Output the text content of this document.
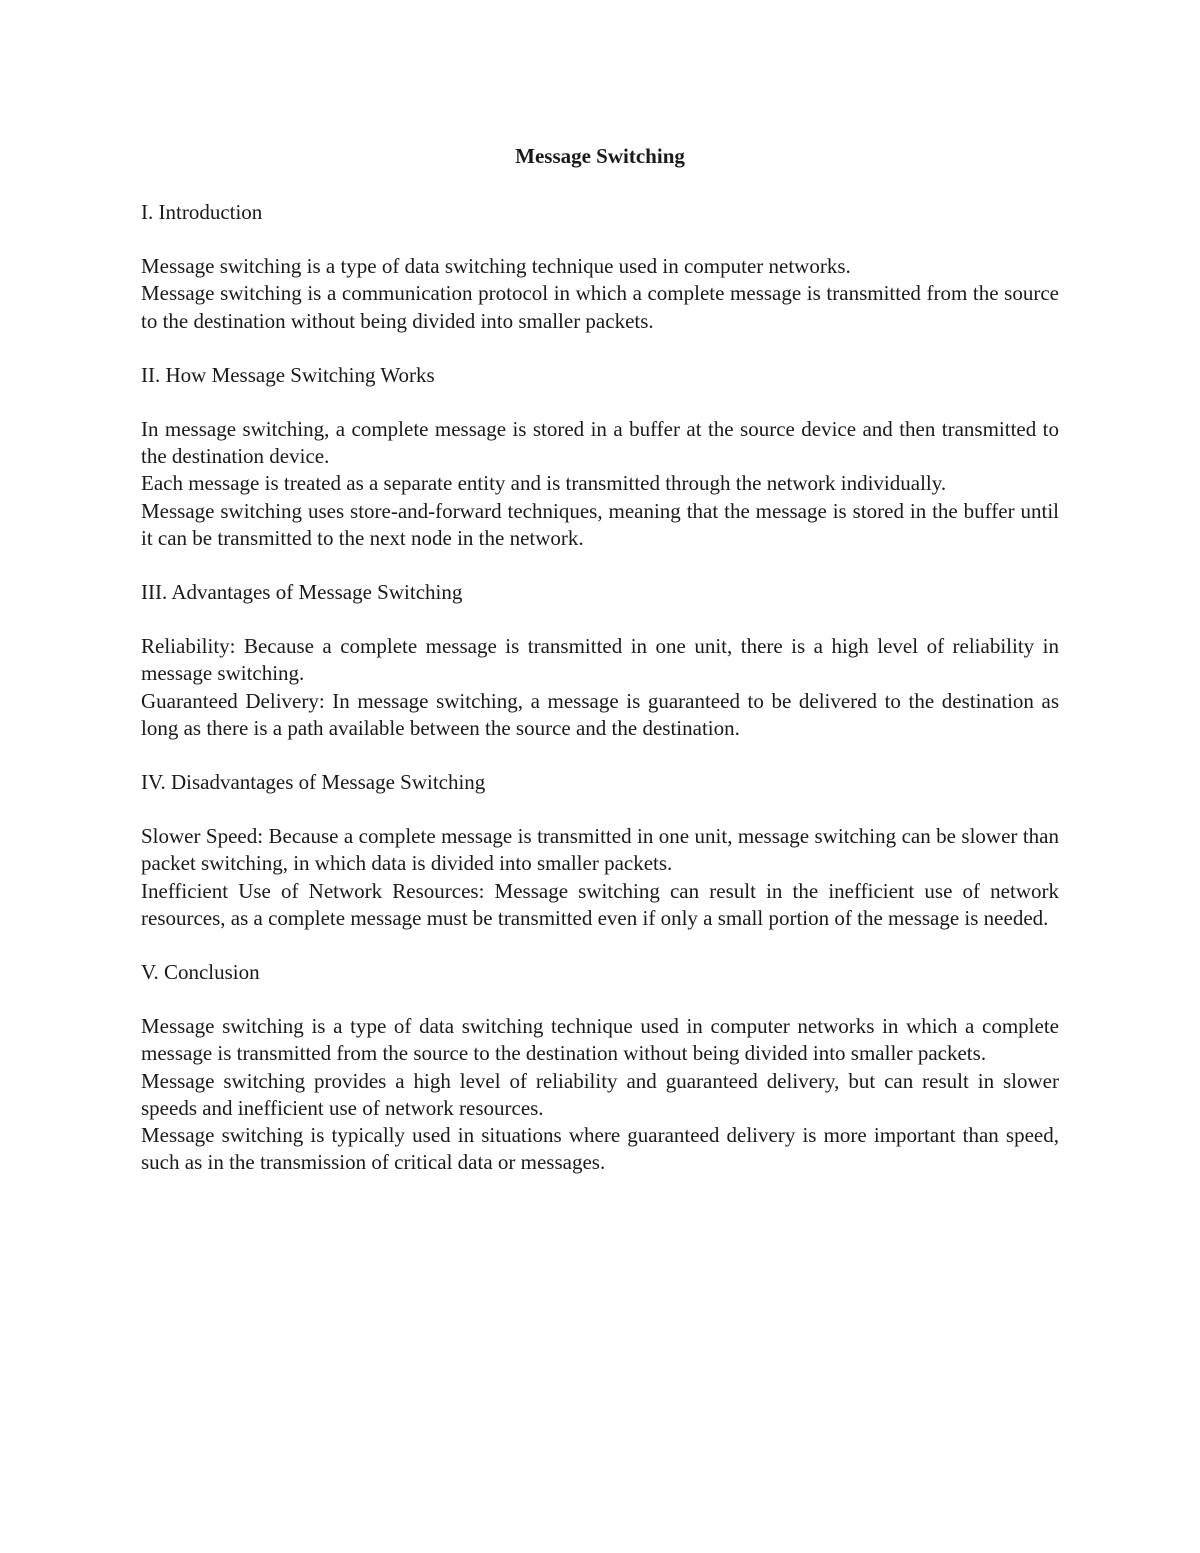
Message Switching
I. Introduction

Message switching is a type of data switching technique used in computer networks.

Message switching is a communication protocol in which a complete message is transmitted from the source to the destination without being divided into smaller packets.

II. How Message Switching Works

In message switching, a complete message is stored in a buffer at the source device and then transmitted to the destination device.

Each message is treated as a separate entity and is transmitted through the network individually.

Message switching uses store-and-forward techniques, meaning that the message is stored in the buffer until it can be transmitted to the next node in the network.

III. Advantages of Message Switching

Reliability: Because a complete message is transmitted in one unit, there is a high level of reliability in message switching.

Guaranteed Delivery: In message switching, a message is guaranteed to be delivered to the destination as long as there is a path available between the source and the destination.

IV. Disadvantages of Message Switching

Slower Speed: Because a complete message is transmitted in one unit, message switching can be slower than packet switching, in which data is divided into smaller packets.

Inefficient Use of Network Resources: Message switching can result in the inefficient use of network resources, as a complete message must be transmitted even if only a small portion of the message is needed.

V. Conclusion

Message switching is a type of data switching technique used in computer networks in which a complete message is transmitted from the source to the destination without being divided into smaller packets.

Message switching provides a high level of reliability and guaranteed delivery, but can result in slower speeds and inefficient use of network resources.

Message switching is typically used in situations where guaranteed delivery is more important than speed, such as in the transmission of critical data or messages.
